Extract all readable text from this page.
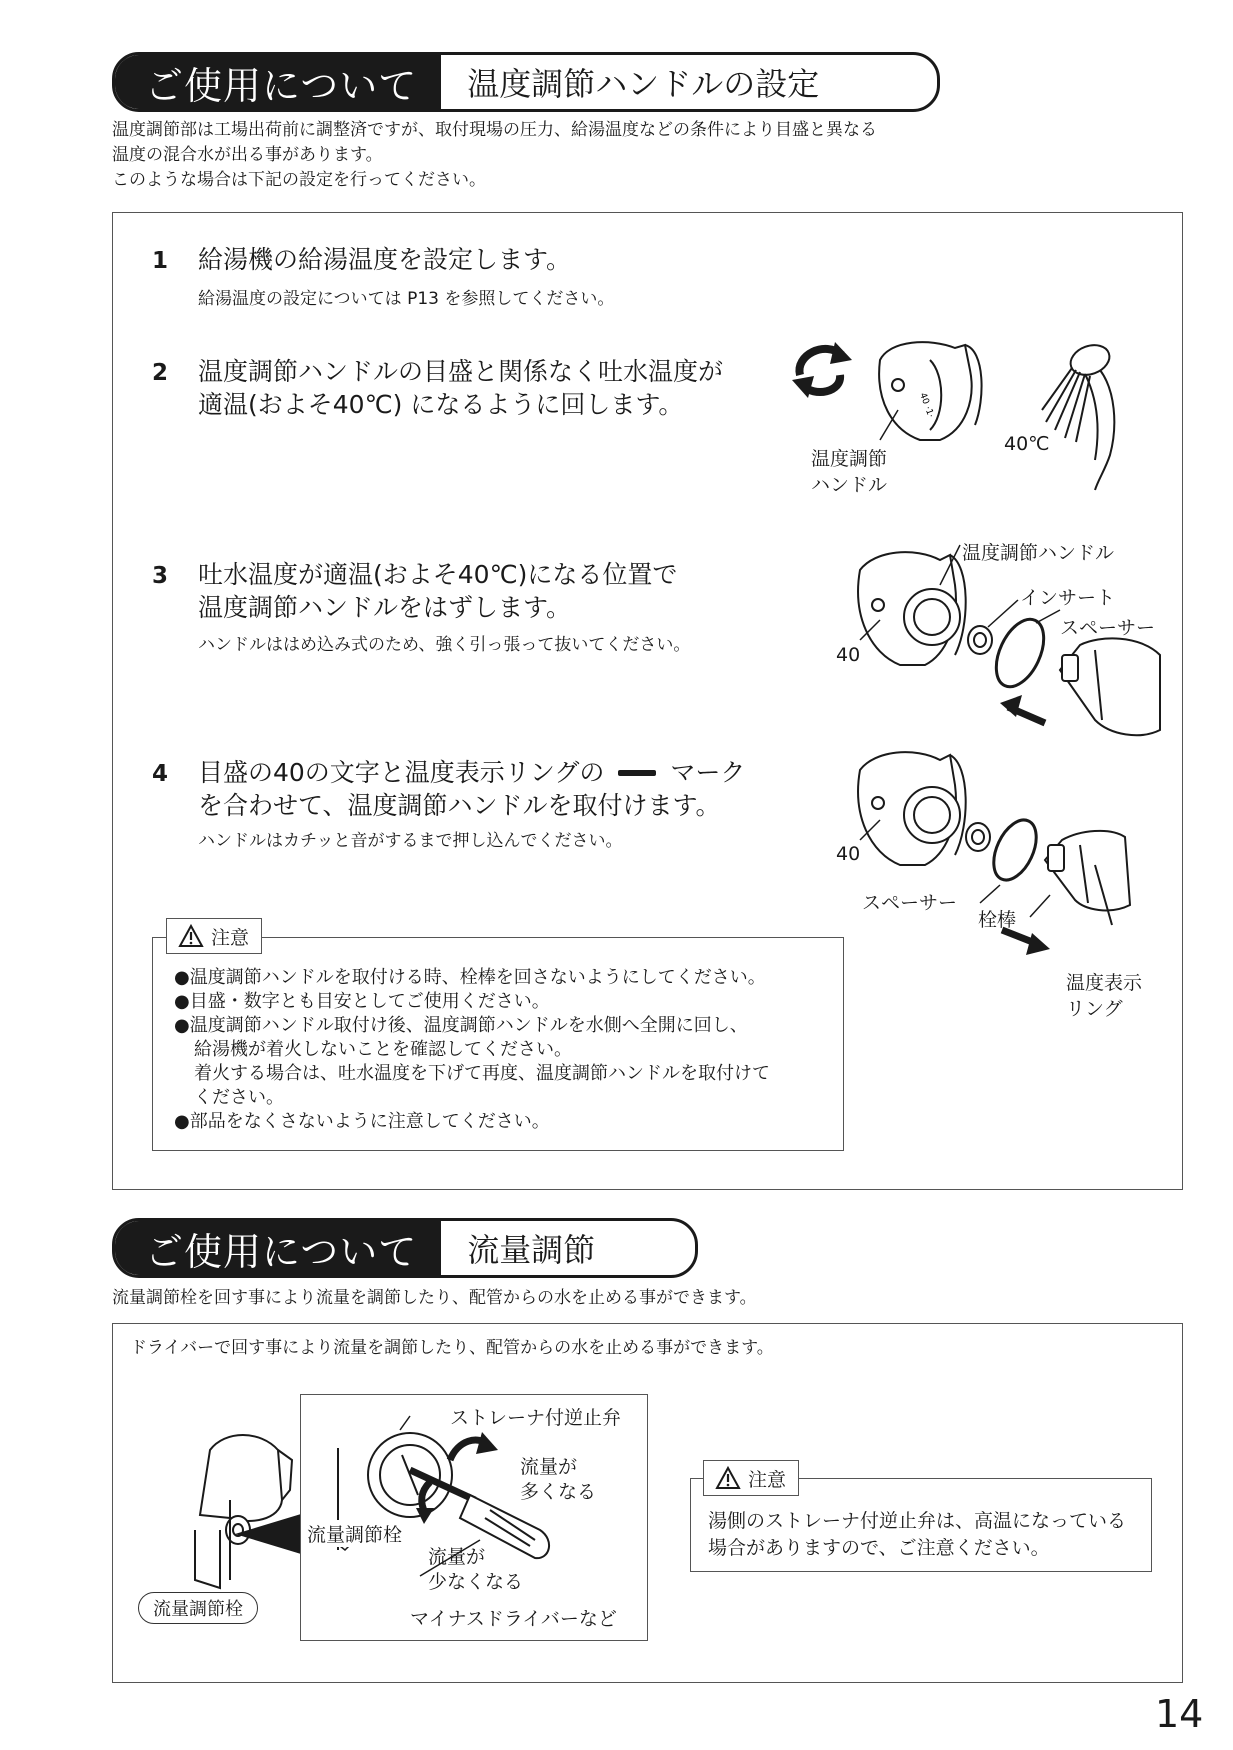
ご使用について	温度調節ハンドルの設定
温度調節部は工場出荷前に調整済ですが、取付現場の圧力、給湯温度などの条件により目盛と異なる
温度の混合水が出る事があります。
このような場合は下記の設定を行ってください。
1 給湯機の給湯温度を設定します。
給湯温度の設定については P13 を参照してください。
2 温度調節ハンドルの目盛と関係なく吐水温度が
適温(およそ40℃) になるように回します。
3 吐水温度が適温(およそ40℃)になる位置で
温度調節ハンドルをはずします。
ハンドルははめ込み式のため、強く引っ張って抜いてください。
4 目盛の40の文字と温度表示リングの	マーク
を合わせて、温度調節ハンドルを取付けます。
ハンドルはカチッと音がするまで押し込んでください。
40 ·1·
温度調節
ハンドル
40℃
温度調節ハンドル
インサート
スペーサー
40
40
スペーサー
栓棒
温度表示
リング
注意
●温度調節ハンドルを取付ける時、栓棒を回さないようにしてください。
●目盛・数字とも目安としてご使用ください。
●温度調節ハンドル取付け後、温度調節ハンドルを水側へ全開に回し、
給湯機が着火しないことを確認してください。
着火する場合は、吐水温度を下げて再度、温度調節ハンドルを取付けて
ください。
●部品をなくさないように注意してください。
ご使用について	流量調節
流量調節栓を回す事により流量を調節したり、配管からの水を止める事ができます。
ドライバーで回す事により流量を調節したり、配管からの水を止める事ができます。
流量調節栓
ストレーナ付逆止弁
流量が
多くなる
流量調節栓
流量が
少なくなる
マイナスドライバーなど
注意
湯側のストレーナ付逆止弁は、高温になっている
場合がありますので、ご注意ください。
14
